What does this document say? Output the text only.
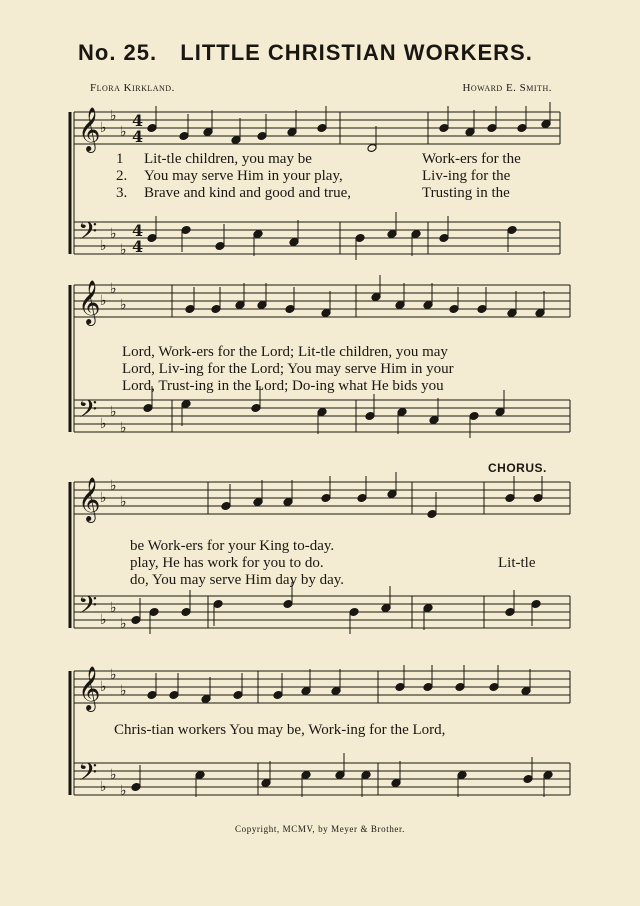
No. 25. LITTLE CHRISTIAN WORKERS.
Flora Kirkland.	Howard E. Smith.
𝄞
𝄢
♭
♭
♭
♭
♭
♭
4
4
4
4
𝄞
𝄢
♭
♭
♭
♭
♭
♭
𝄞
𝄢
♭
♭
♭
♭
♭
♭
𝄞
𝄢
♭
♭
♭
♭
♭
♭
1 Lit-tle children, you may be	Work-ers for the
2. You may serve Him in your play,	Liv-ing for the
3. Brave and kind and good and true,	Trusting in the
Lord, Work-ers for the Lord; Lit-tle children, you may
Lord, Liv-ing for the Lord; You may serve Him in your
Lord, Trust-ing in the Lord; Do-ing what He bids you
CHORUS.
be Work-ers for your King to-day.
play, He has work for you to do.
do, You may serve Him day by day.
Lit-tle
Chris-tian workers You may be, Work-ing for the Lord,
Copyright, MCMV, by Meyer & Brother.
